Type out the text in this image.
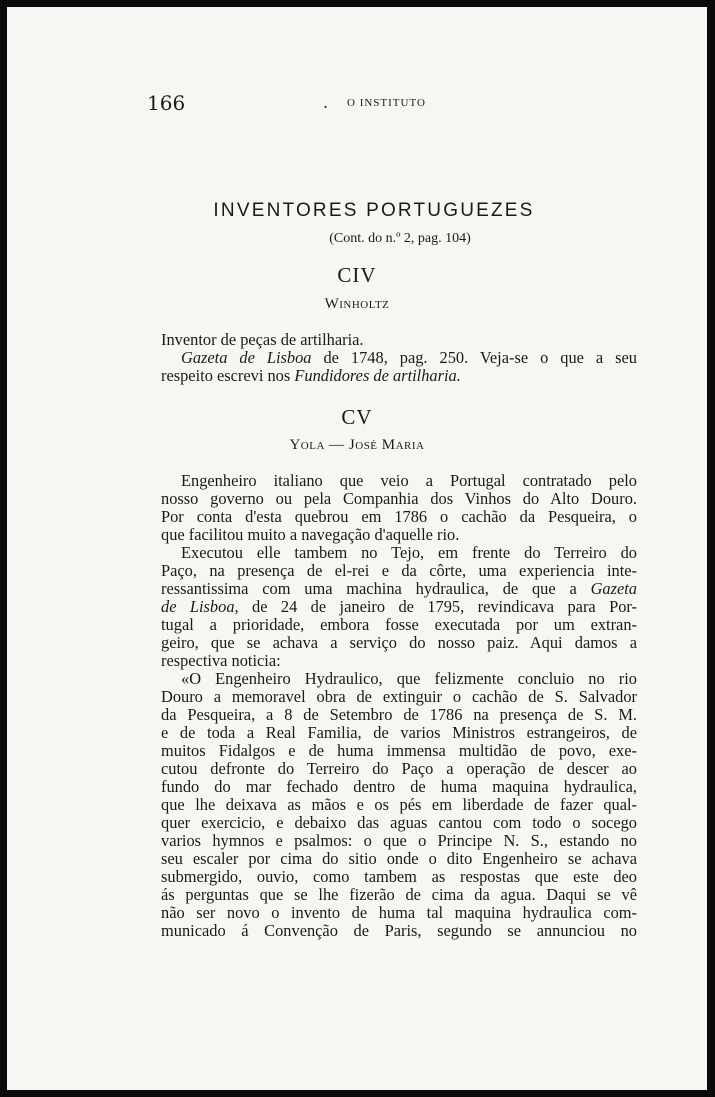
166	. O INSTITUTO
INVENTORES PORTUGUEZES
(Cont. do n.º 2, pag. 104)
CIV
Winholtz
Inventor de peças de artilharia.
Gazeta de Lisboa de 1748, pag. 250. Veja-se o que a seu
respeito escrevi nos Fundidores de artilharia.
CV
Yola — José Maria
Engenheiro italiano que veio a Portugal contratado pelo
nosso governo ou pela Companhia dos Vinhos do Alto Douro.
Por conta d'esta quebrou em 1786 o cachão da Pesqueira, o
que facilitou muito a navegação d'aquelle rio.
Executou elle tambem no Tejo, em frente do Terreiro do
Paço, na presença de el-rei e da côrte, uma experiencia inte-
ressantissima com uma machina hydraulica, de que a Gazeta
de Lisboa, de 24 de janeiro de 1795, revindicava para Por-
tugal a prioridade, embora fosse executada por um extran-
geiro, que se achava a serviço do nosso paiz. Aqui damos a
respectiva noticia:
«O Engenheiro Hydraulico, que felizmente concluio no rio
Douro a memoravel obra de extinguir o cachão de S. Salvador
da Pesqueira, a 8 de Setembro de 1786 na presença de S. M.
e de toda a Real Familia, de varios Ministros estrangeiros, de
muitos Fidalgos e de huma immensa multidão de povo, exe-
cutou defronte do Terreiro do Paço a operação de descer ao
fundo do mar fechado dentro de huma maquina hydraulica,
que lhe deixava as mãos e os pés em liberdade de fazer qual-
quer exercicio, e debaixo das aguas cantou com todo o socego
varios hymnos e psalmos: o que o Principe N. S., estando no
seu escaler por cima do sitio onde o dito Engenheiro se achava
submergido, ouvio, como tambem as respostas que este deo
ás perguntas que se lhe fizerão de cima da agua. Daqui se vê
não ser novo o invento de huma tal maquina hydraulica com-
municado á Convenção de Paris, segundo se annunciou no
